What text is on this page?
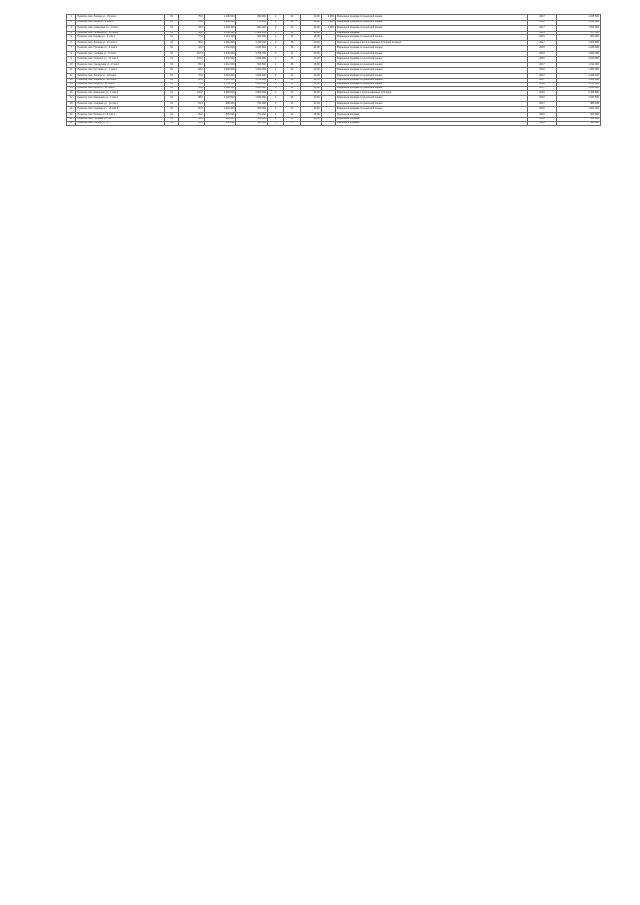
1	Нежилое пом. Ленина ул., 15 пом.1	61	75,0	1 245 600	890 000	2	32	22,00	2 600	Разрешена продажа по рыночной оценке	2017	1 245 600
2	Нежилое пом. Мира ул., 8 пом.3	61	81,0	1 032 000	700 500	3	10	18,00	1 900	Разрешена продажа по рыночной оценке	2016	1 032 000
3	Нежилое пом. Советская ул., 4 пом.1	61	93,0	1 201 300	900 000	2	22	22,00	2 400	Разрешена продажа по рыночной оценке	2017	1 201 300
4	Нежилое пом. Гагарина ул., 12 пом.2	61	46,0	2 345 400	2 001 100	3	12	20,00		Разрешена продажа	2015	577 500
5	Нежилое пом. Кирова ул., 3 пом.1	61	77,0	1 114 300	900 000	2	18	18,00		Разрешена продажа по рыночной оценке	2016	900 000
6	Нежилое пом. Ленина ул., 21 пом.4	61	60,0	1 451 300	1 700 400	3	38	20,00		Разрешена продажа с использованием субсидии на выкуп	2017	1 604 800
7	Нежилое пом. Пушкина ул., 5 пом.2	61	63,0	1 104 900	1 045 800	2	16	22,00		Разрешена продажа по рыночной оценке	2016	1 045 800
8	Нежилое пом. Чапаева ул., 9 пом.1	61	107,0	2 345 600	1 758 700	2	14	20,00		Разрешена продажа по рыночной оценке	2015	1 600 900
9	Нежилое пом. Горького ул., 17 пом.3	61	104,0	2 670 000	1 998 000	3	26	22,00		Разрешена продажа по рыночной оценке	2016	2 640 000
10	Нежилое пом. Свердлова ул., 2 пом.1	61	65,0	1 012 000	900 800	2	36	18,00		Разрешена продажа по рыночной оценке	2017	1 012 000
11	Нежилое пом. Кутузова ул., 7 пом.2	61	83,0	1 600 800	1 200 000	2	20	20,00		Разрешена продажа по рыночной оценке	2016	1 450 000
12	Нежилое пом. Ленина ул., 40 пом.1	61	70,0	1 334 400	1 001 200	2	14	20,00		Разрешена продажа по рыночной оценке	2017	1 334 400
13	Нежилое пом. Ленина ул., 42 пом.2	61	88,0	2 011 500	1 700 000	2	18	22,00		Разрешена продажа по рыночной оценке	2017	1 900 000
14	Нежилое пом. Мира ул., 30 пом.1	61	73,0	1 700 000	1 300 000	2	16	20,00		Разрешена продажа по рыночной оценке	2016	1 700 000
15	Нежилое пом. Мира ул., 32 пом.4	61	69,0	1 290 000	1 100 000	3	12	20,00		Разрешена продажа по рыночной оценке	2017	1 290 000
16	Нежилое пом. Школьная ул., 1 пом.1	61	120,0	3 456 800	2 800 000	3	30	18,00		Разрешена продажа с использованием субсидии	2015	3 456 800
17	Нежилое пом. Школьная ул., 3 пом.2	61	98,0	2 233 500	1 990 000	2	26	20,00		Разрешена продажа по рыночной оценке	2016	2 233 500
18	Нежилое пом. Садовая ул., 11 пом.1	61	54,0	889 000	700 000	2	14	22,00		Разрешена продажа по рыночной оценке	2017	889 000
19	Нежилое пом. Садовая ул., 15 пом.3	61	60,0	1 001 000	900 000	2	20	20,00		Разрешена продажа по рыночной оценке	2016	1 001 000
20	Нежилое пом. Речная ул., 6 пом.1	61	50,0	820 000	700 000	1	12	18,00		Разрешена продажа	2015	820 000
21	Нежилое пом. Полевая ул., 10	61	30,0	410 000	330 000	1	10	18,00		Разрешена продажа	2016	410 000
22	Нежилое пом. Лесная ул., 2	61	45,0	600 000	500 000	1	8			Разрешена продажа	2016	600 000
